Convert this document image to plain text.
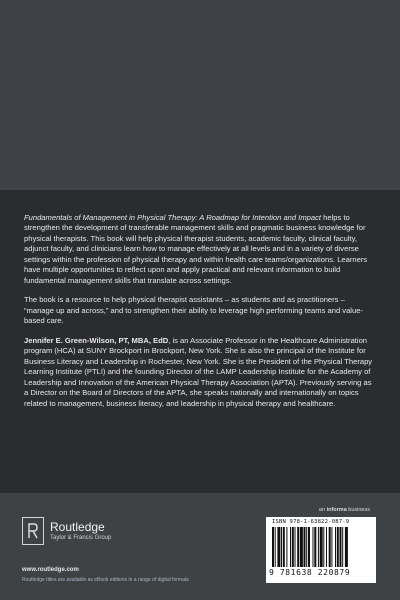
Fundamentals of Management in Physical Therapy: A Roadmap for Intention and Impact helps to strengthen the development of transferable management skills and pragmatic business knowledge for physical therapists. This book will help physical therapist students, academic faculty, clinical faculty, adjunct faculty, and clinicians learn how to manage effectively at all levels and in a variety of diverse settings within the profession of physical therapy and within health care teams/organizations. Learners have multiple opportunities to reflect upon and apply practical and relevant information to build fundamental management skills that translate across settings.

The book is a resource to help physical therapist assistants – as students and as practitioners – “manage up and across,” and to strengthen their ability to leverage high performing teams and value-based care.

Jennifer E. Green-Wilson, PT, MBA, EdD, is an Associate Professor in the Healthcare Administration program (HCA) at SUNY Brockport in Brockport, New York. She is also the principal of the Institute for Business Literacy and Leadership in Rochester, New York. She is the President of the Physical Therapy Learning Institute (PTLI) and the founding Director of the LAMP Leadership Institute for the Academy of Leadership and Innovation of the American Physical Therapy Association (APTA). Previously serving as a Director on the Board of Directors of the APTA, she speaks nationally and internationally on topics related to management, business literacy, and leadership in physical therapy and healthcare.

Routledge
Taylor & Francis Group
www.routledge.com
Routledge titles are available as eBook editions in a range of digital formats
an informa business
ISBN 978-1-63822-087-9
9 781638 220879
